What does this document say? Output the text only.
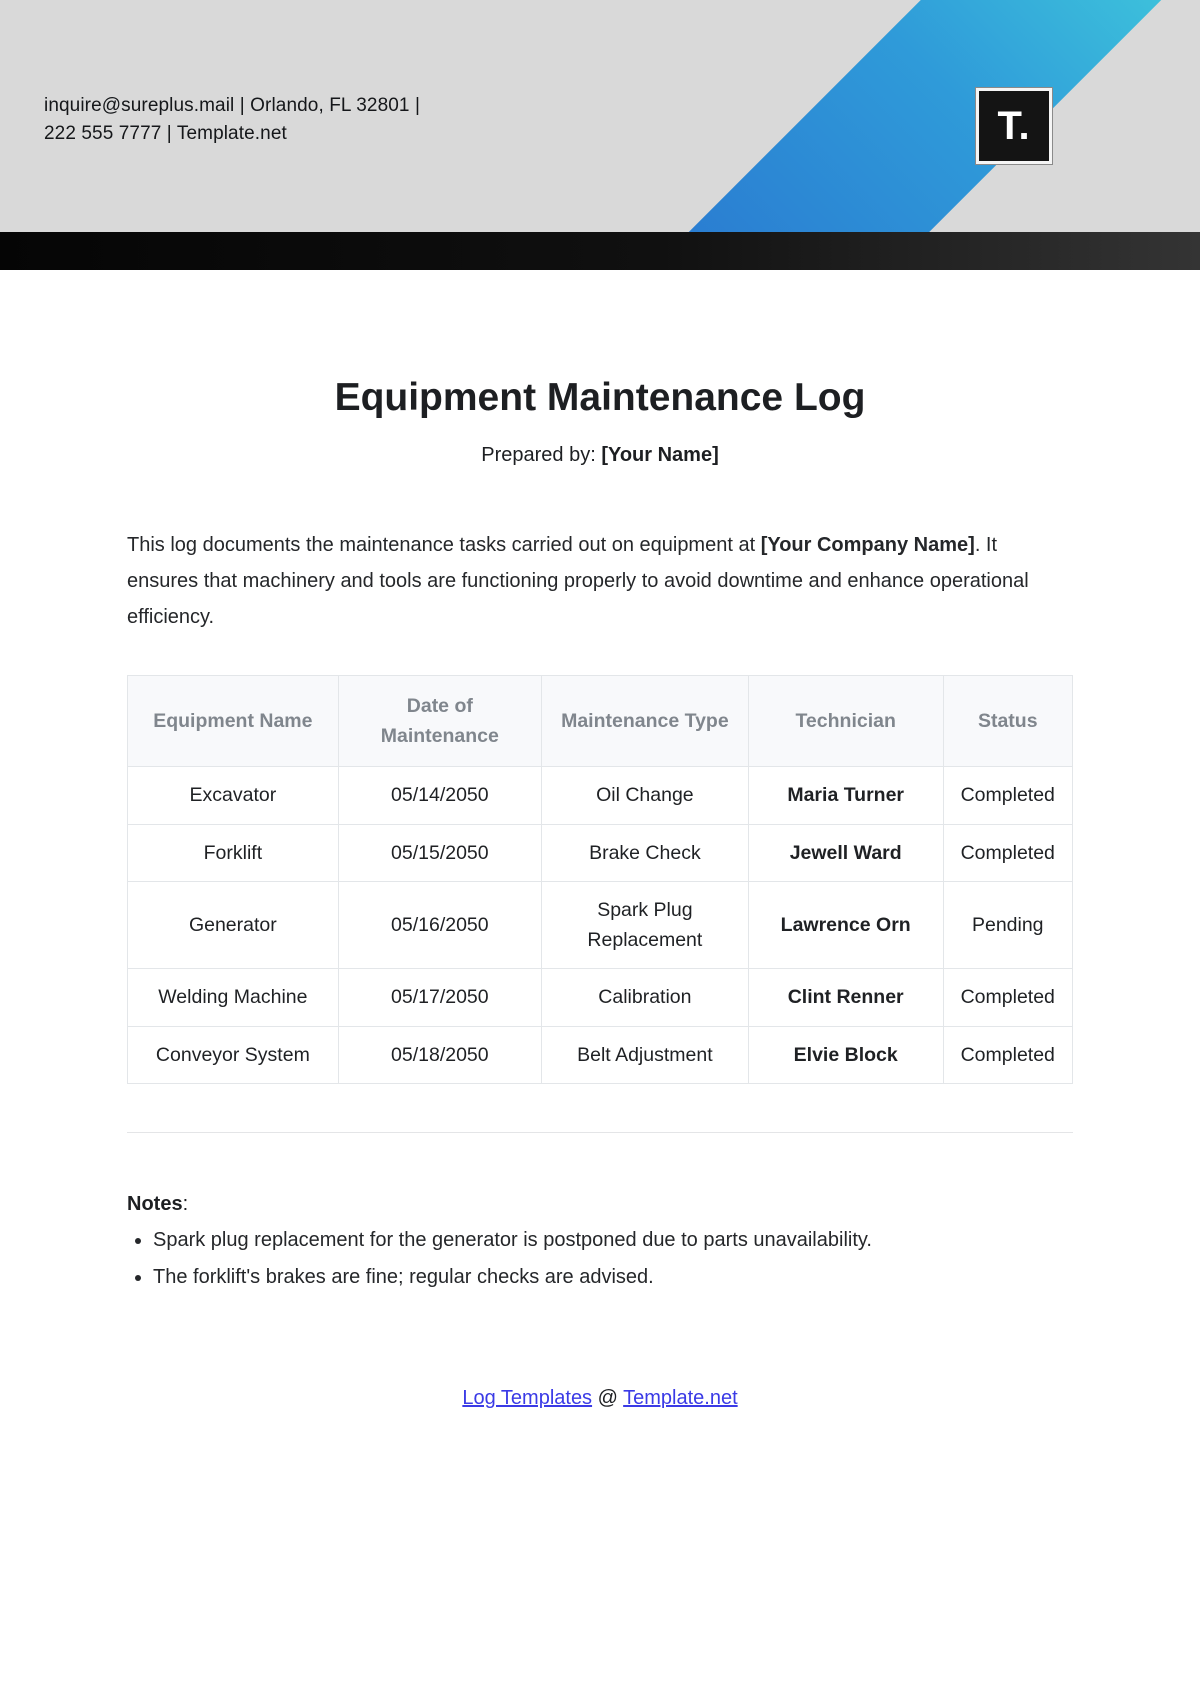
inquire@sureplus.mail | Orlando, FL 32801 |
222 555 7777 | Template.net	T.
Equipment Maintenance Log

Prepared by: [Your Name]

This log documents the maintenance tasks carried out on equipment at [Your Company Name]. It ensures that machinery and tools are functioning properly to avoid downtime and enhance operational efficiency.

Equipment Name	Date of Maintenance	Maintenance Type	Technician	Status
Excavator	05/14/2050	Oil Change	Maria Turner	Completed
Forklift	05/15/2050	Brake Check	Jewell Ward	Completed
Generator	05/16/2050	Spark Plug Replacement	Lawrence Orn	Pending
Welding Machine	05/17/2050	Calibration	Clint Renner	Completed
Conveyor System	05/18/2050	Belt Adjustment	Elvie Block	Completed

Notes:

• Spark plug replacement for the generator is postponed due to parts unavailability.
• The forklift's brakes are fine; regular checks are advised.
Log Templates @ Template.net
